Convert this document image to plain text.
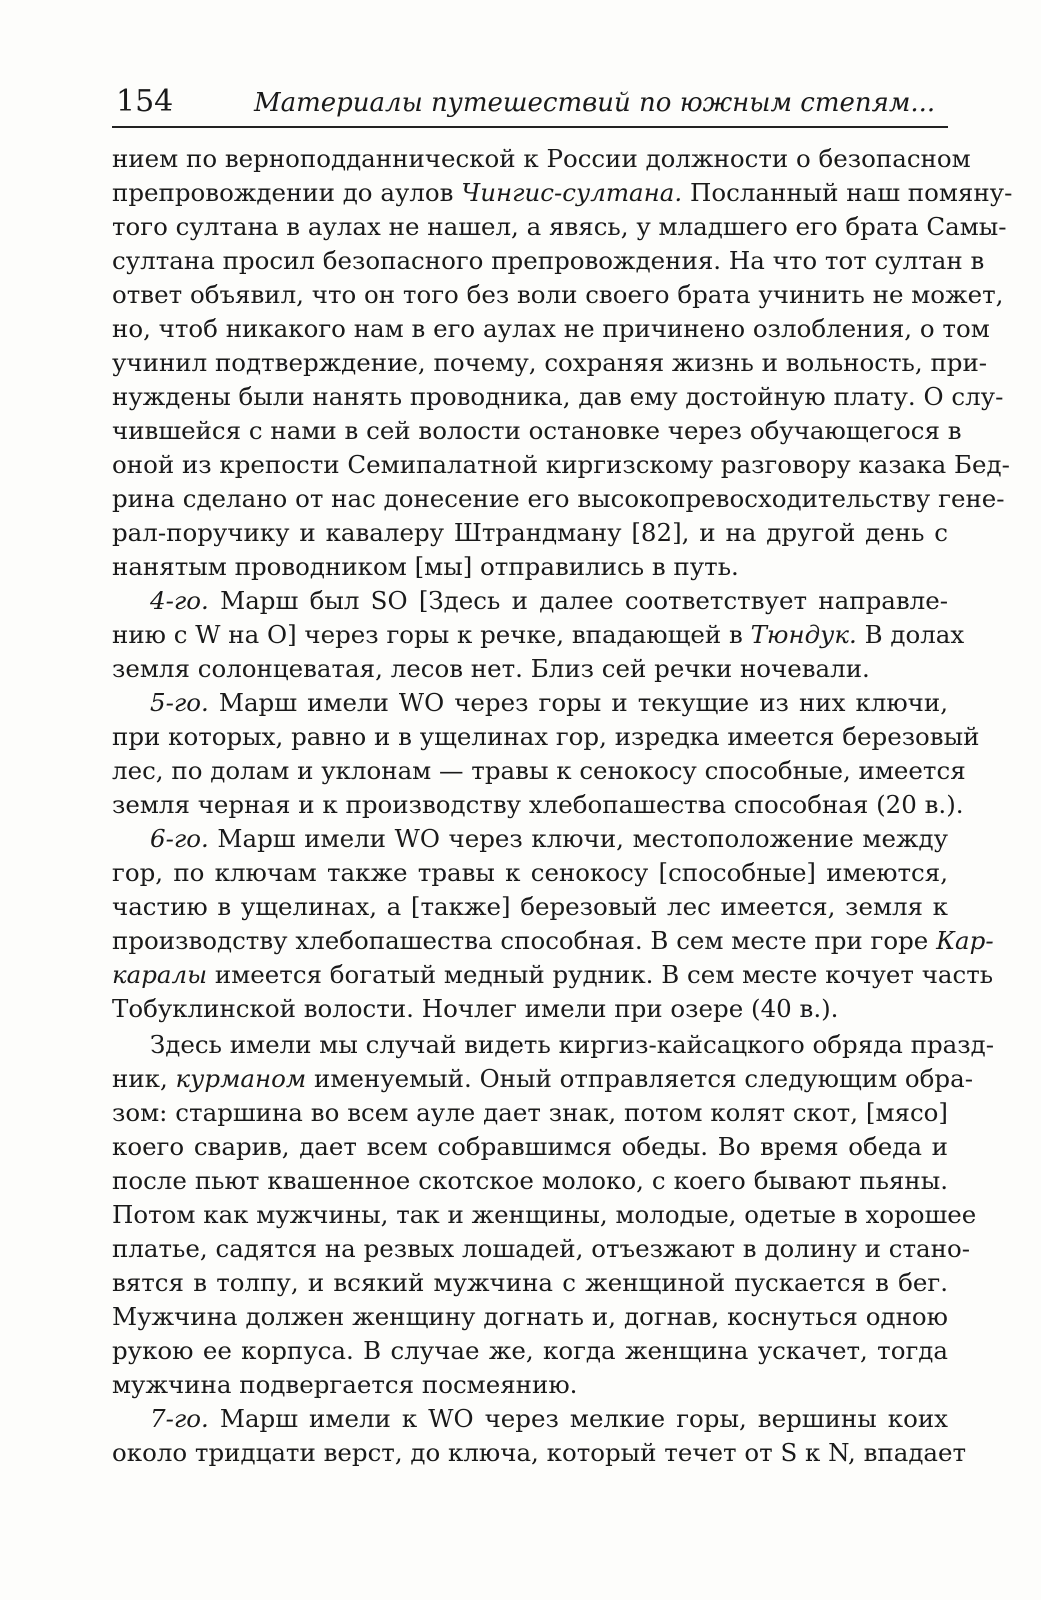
154	Материалы путешествий по южным степям...
нием по верноподданнической к России должности о безопасном
препровождении до аулов Чингис-султана. Посланный наш помяну-
того султана в аулах не нашел, а явясь, у младшего его брата Самы-
султана просил безопасного препровождения. На что тот султан в
ответ объявил, что он того без воли своего брата учинить не может,
но, чтоб никакого нам в его аулах не причинено озлобления, о том
учинил подтверждение, почему, сохраняя жизнь и вольность, при-
нуждены были нанять проводника, дав ему достойную плату. О слу-
чившейся с нами в сей волости остановке через обучающегося в
оной из крепости Семипалатной киргизскому разговору казака Бед-
рина сделано от нас донесение его высокопревосходительству гене-
рал-поручику и кавалеру Штрандману [82], и на другой день с
нанятым проводником [мы] отправились в путь.
4-го. Марш был SO [Здесь и далее соответствует направле-
нию с W на O] через горы к речке, впадающей в Тюндук. В долах
земля солонцеватая, лесов нет. Близ сей речки ночевали.
5-го. Марш имели WO через горы и текущие из них ключи,
при которых, равно и в ущелинах гор, изредка имеется березовый
лес, по долам и уклонам — травы к сенокосу способные, имеется
земля черная и к производству хлебопашества способная (20 в.).
6-го. Марш имели WO через ключи, местоположение между
гор, по ключам также травы к сенокосу [способные] имеются,
частию в ущелинах, а [также] березовый лес имеется, земля к
производству хлебопашества способная. В сем месте при горе Кар-
каралы имеется богатый медный рудник. В сем месте кочует часть
Тобуклинской волости. Ночлег имели при озере (40 в.).
Здесь имели мы случай видеть киргиз-кайсацкого обряда празд-
ник, курманом именуемый. Оный отправляется следующим обра-
зом: старшина во всем ауле дает знак, потом колят скот, [мясо]
коего сварив, дает всем собравшимся обеды. Во время обеда и
после пьют квашенное скотское молоко, с коего бывают пьяны.
Потом как мужчины, так и женщины, молодые, одетые в хорошее
платье, садятся на резвых лошадей, отъезжают в долину и стано-
вятся в толпу, и всякий мужчина с женщиной пускается в бег.
Мужчина должен женщину догнать и, догнав, коснуться одною
рукою ее корпуса. В случае же, когда женщина ускачет, тогда
мужчина подвергается посмеянию.
7-го. Марш имели к WO через мелкие горы, вершины коих
около тридцати верст, до ключа, который течет от S к N, впадает
